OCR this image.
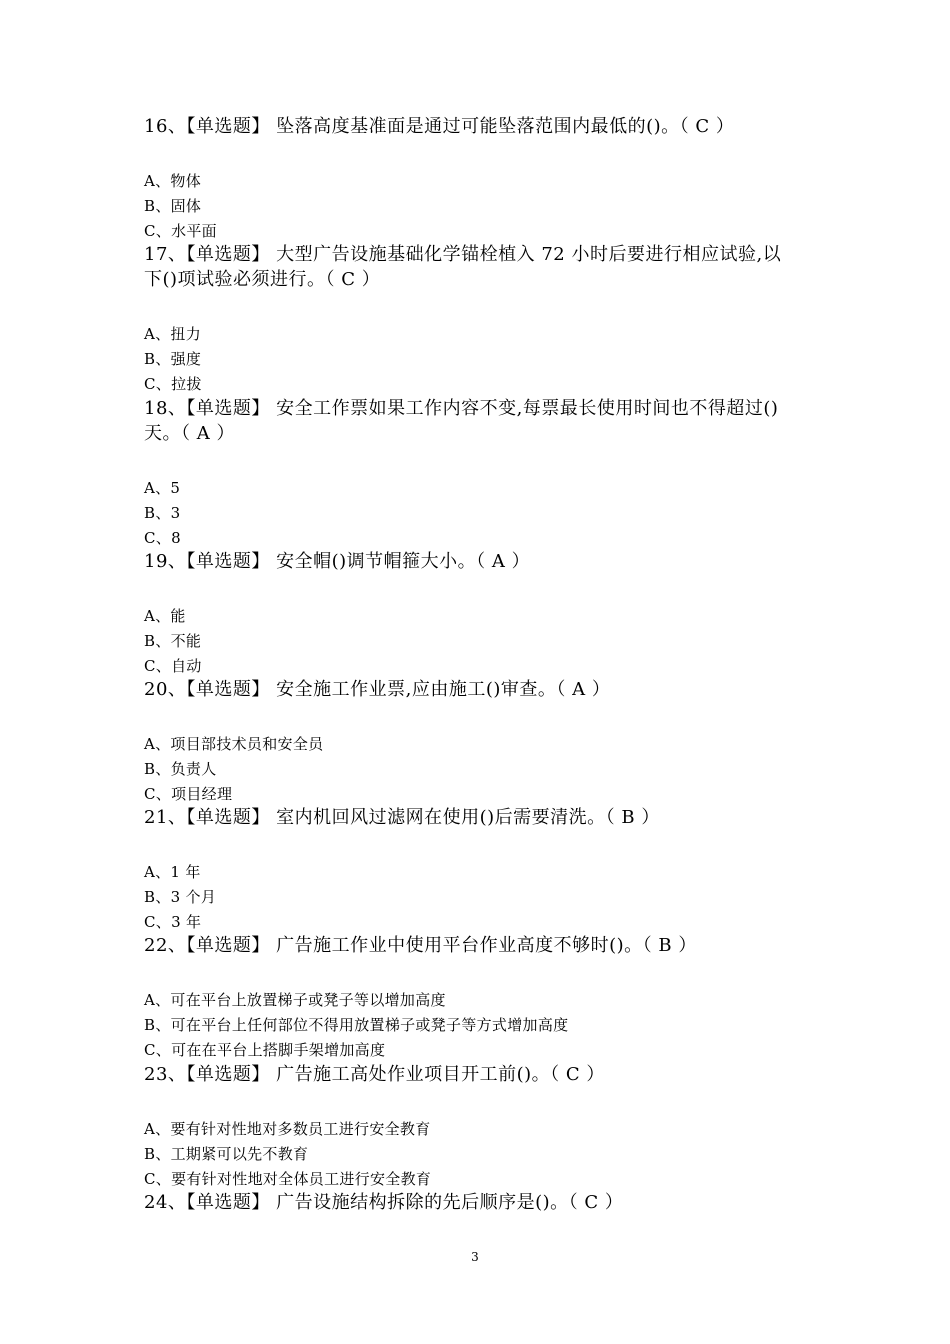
16、【单选题】 坠落高度基准面是通过可能坠落范围内最低的()。（ C ）
A、物体
B、固体
C、水平面
17、【单选题】 大型广告设施基础化学锚栓植入 72 小时后要进行相应试验,以
下()项试验必须进行。（ C ）
A、扭力
B、强度
C、拉拔
18、【单选题】 安全工作票如果工作内容不变,每票最长使用时间也不得超过()
天。（ A ）
A、5
B、3
C、8
19、【单选题】 安全帽()调节帽箍大小。（ A ）
A、能
B、不能
C、自动
20、【单选题】 安全施工作业票,应由施工()审查。（ A ）
A、项目部技术员和安全员
B、负责人
C、项目经理
21、【单选题】 室内机回风过滤网在使用()后需要清洗。（ B ）
A、1 年
B、3 个月
C、3 年
22、【单选题】 广告施工作业中使用平台作业高度不够时()。（ B ）
A、可在平台上放置梯子或凳子等以增加高度
B、可在平台上任何部位不得用放置梯子或凳子等方式增加高度
C、可在在平台上搭脚手架增加高度
23、【单选题】 广告施工高处作业项目开工前()。（ C ）
A、要有针对性地对多数员工进行安全教育
B、工期紧可以先不教育
C、要有针对性地对全体员工进行安全教育
24、【单选题】 广告设施结构拆除的先后顺序是()。（ C ）
3
